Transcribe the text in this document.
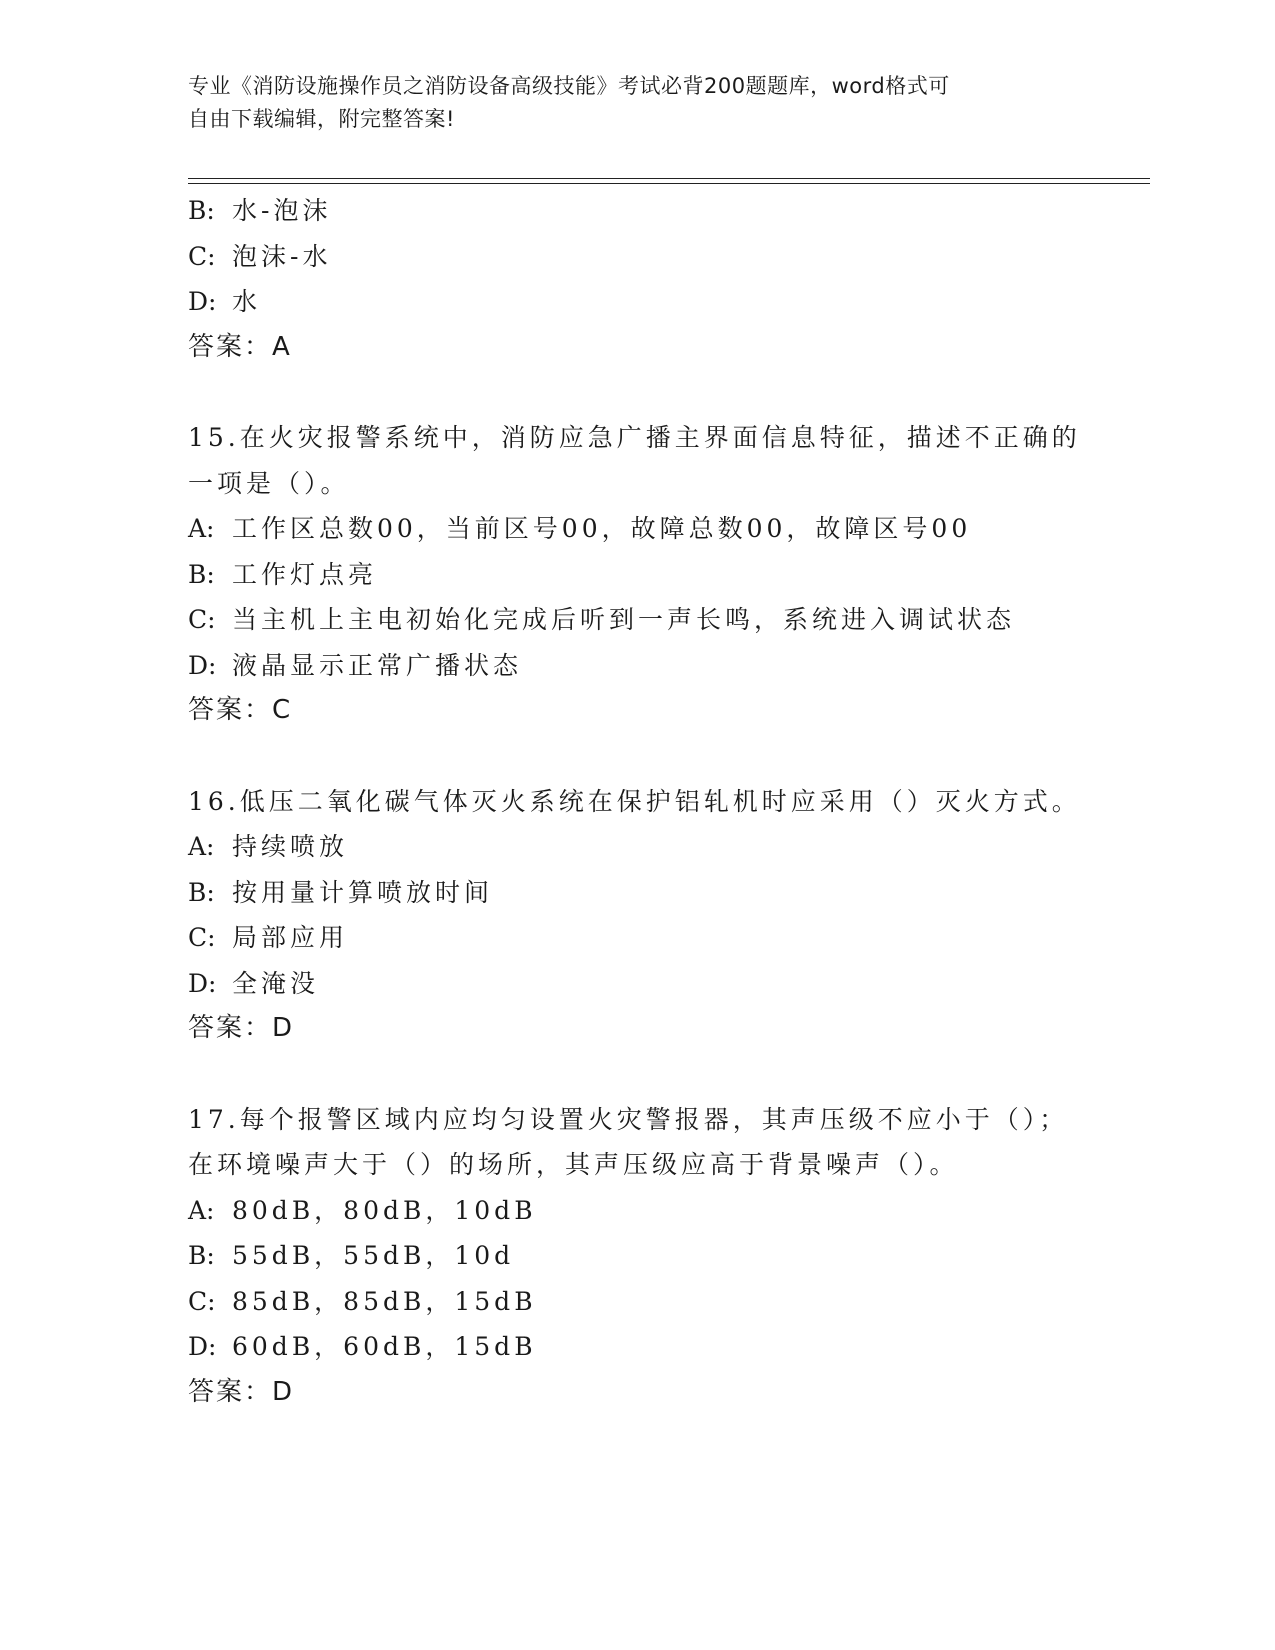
专业《消防设施操作员之消防设备高级技能》考试必背200题题库，word格式可
自由下载编辑，附完整答案!
B: 水-泡沫
C: 泡沫-水
D: 水
答案：A
15.在火灾报警系统中，消防应急广播主界面信息特征，描述不正确的
一项是（）。
A: 工作区总数00，当前区号00，故障总数00，故障区号00
B: 工作灯点亮
C: 当主机上主电初始化完成后听到一声长鸣，系统进入调试状态
D: 液晶显示正常广播状态
答案：C
16.低压二氧化碳气体灭火系统在保护铝轧机时应采用（）灭火方式。
A: 持续喷放
B: 按用量计算喷放时间
C: 局部应用
D: 全淹没
答案：D
17.每个报警区域内应均匀设置火灾警报器，其声压级不应小于（）；
在环境噪声大于（）的场所，其声压级应高于背景噪声（）。
A: 80dB，80dB，10dB
B: 55dB，55dB，10d
C: 85dB，85dB，15dB
D: 60dB，60dB，15dB
答案：D
